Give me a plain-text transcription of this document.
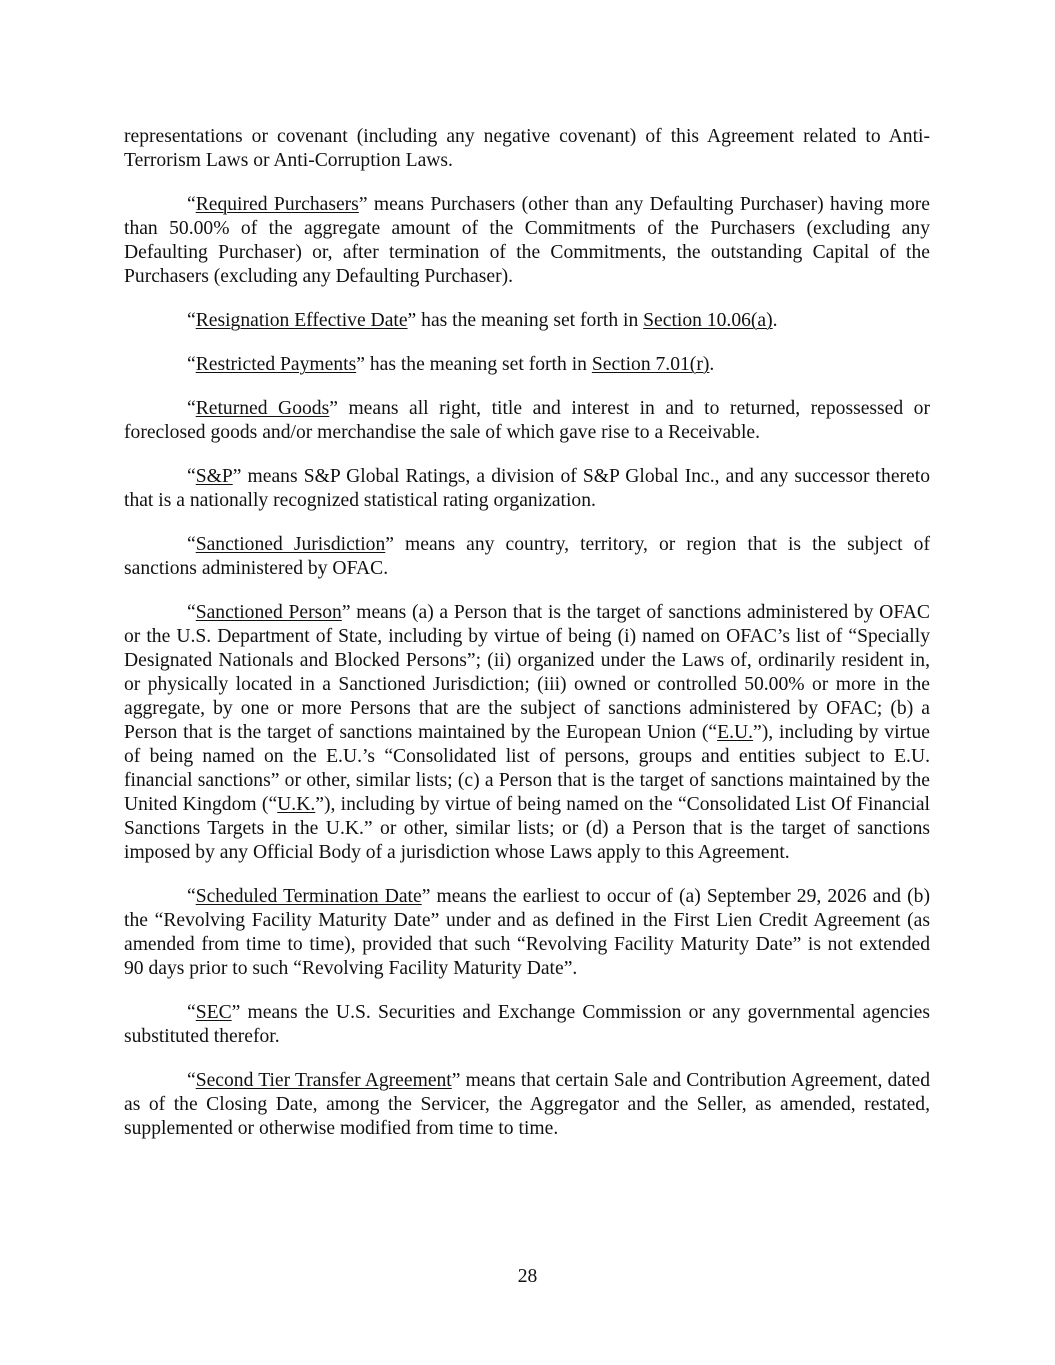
representations or covenant (including any negative covenant) of this Agreement related to Anti-Terrorism Laws or Anti-Corruption Laws.

“Required Purchasers” means Purchasers (other than any Defaulting Purchaser) having more than 50.00% of the aggregate amount of the Commitments of the Purchasers (excluding any Defaulting Purchaser) or, after termination of the Commitments, the outstanding Capital of the Purchasers (excluding any Defaulting Purchaser).

“Resignation Effective Date” has the meaning set forth in Section 10.06(a).

“Restricted Payments” has the meaning set forth in Section 7.01(r).

“Returned Goods” means all right, title and interest in and to returned, repossessed or foreclosed goods and/or merchandise the sale of which gave rise to a Receivable.

“S&P” means S&P Global Ratings, a division of S&P Global Inc., and any successor thereto that is a nationally recognized statistical rating organization.

“Sanctioned Jurisdiction” means any country, territory, or region that is the subject of sanctions administered by OFAC.

“Sanctioned Person” means (a) a Person that is the target of sanctions administered by OFAC or the U.S. Department of State, including by virtue of being (i) named on OFAC’s list of “Specially Designated Nationals and Blocked Persons”; (ii) organized under the Laws of, ordinarily resident in, or physically located in a Sanctioned Jurisdiction; (iii) owned or controlled 50.00% or more in the aggregate, by one or more Persons that are the subject of sanctions administered by OFAC; (b) a Person that is the target of sanctions maintained by the European Union (“E.U.”), including by virtue of being named on the E.U.’s “Consolidated list of persons, groups and entities subject to E.U. financial sanctions” or other, similar lists; (c) a Person that is the target of sanctions maintained by the United Kingdom (“U.K.”), including by virtue of being named on the “Consolidated List Of Financial Sanctions Targets in the U.K.” or other, similar lists; or (d) a Person that is the target of sanctions imposed by any Official Body of a jurisdiction whose Laws apply to this Agreement.

“Scheduled Termination Date” means the earliest to occur of (a) September 29, 2026 and (b) the “Revolving Facility Maturity Date” under and as defined in the First Lien Credit Agreement (as amended from time to time), provided that such “Revolving Facility Maturity Date” is not extended 90 days prior to such “Revolving Facility Maturity Date”.

“SEC” means the U.S. Securities and Exchange Commission or any governmental agencies substituted therefor.

“Second Tier Transfer Agreement” means that certain Sale and Contribution Agreement, dated as of the Closing Date, among the Servicer, the Aggregator and the Seller, as amended, restated, supplemented or otherwise modified from time to time.

28
